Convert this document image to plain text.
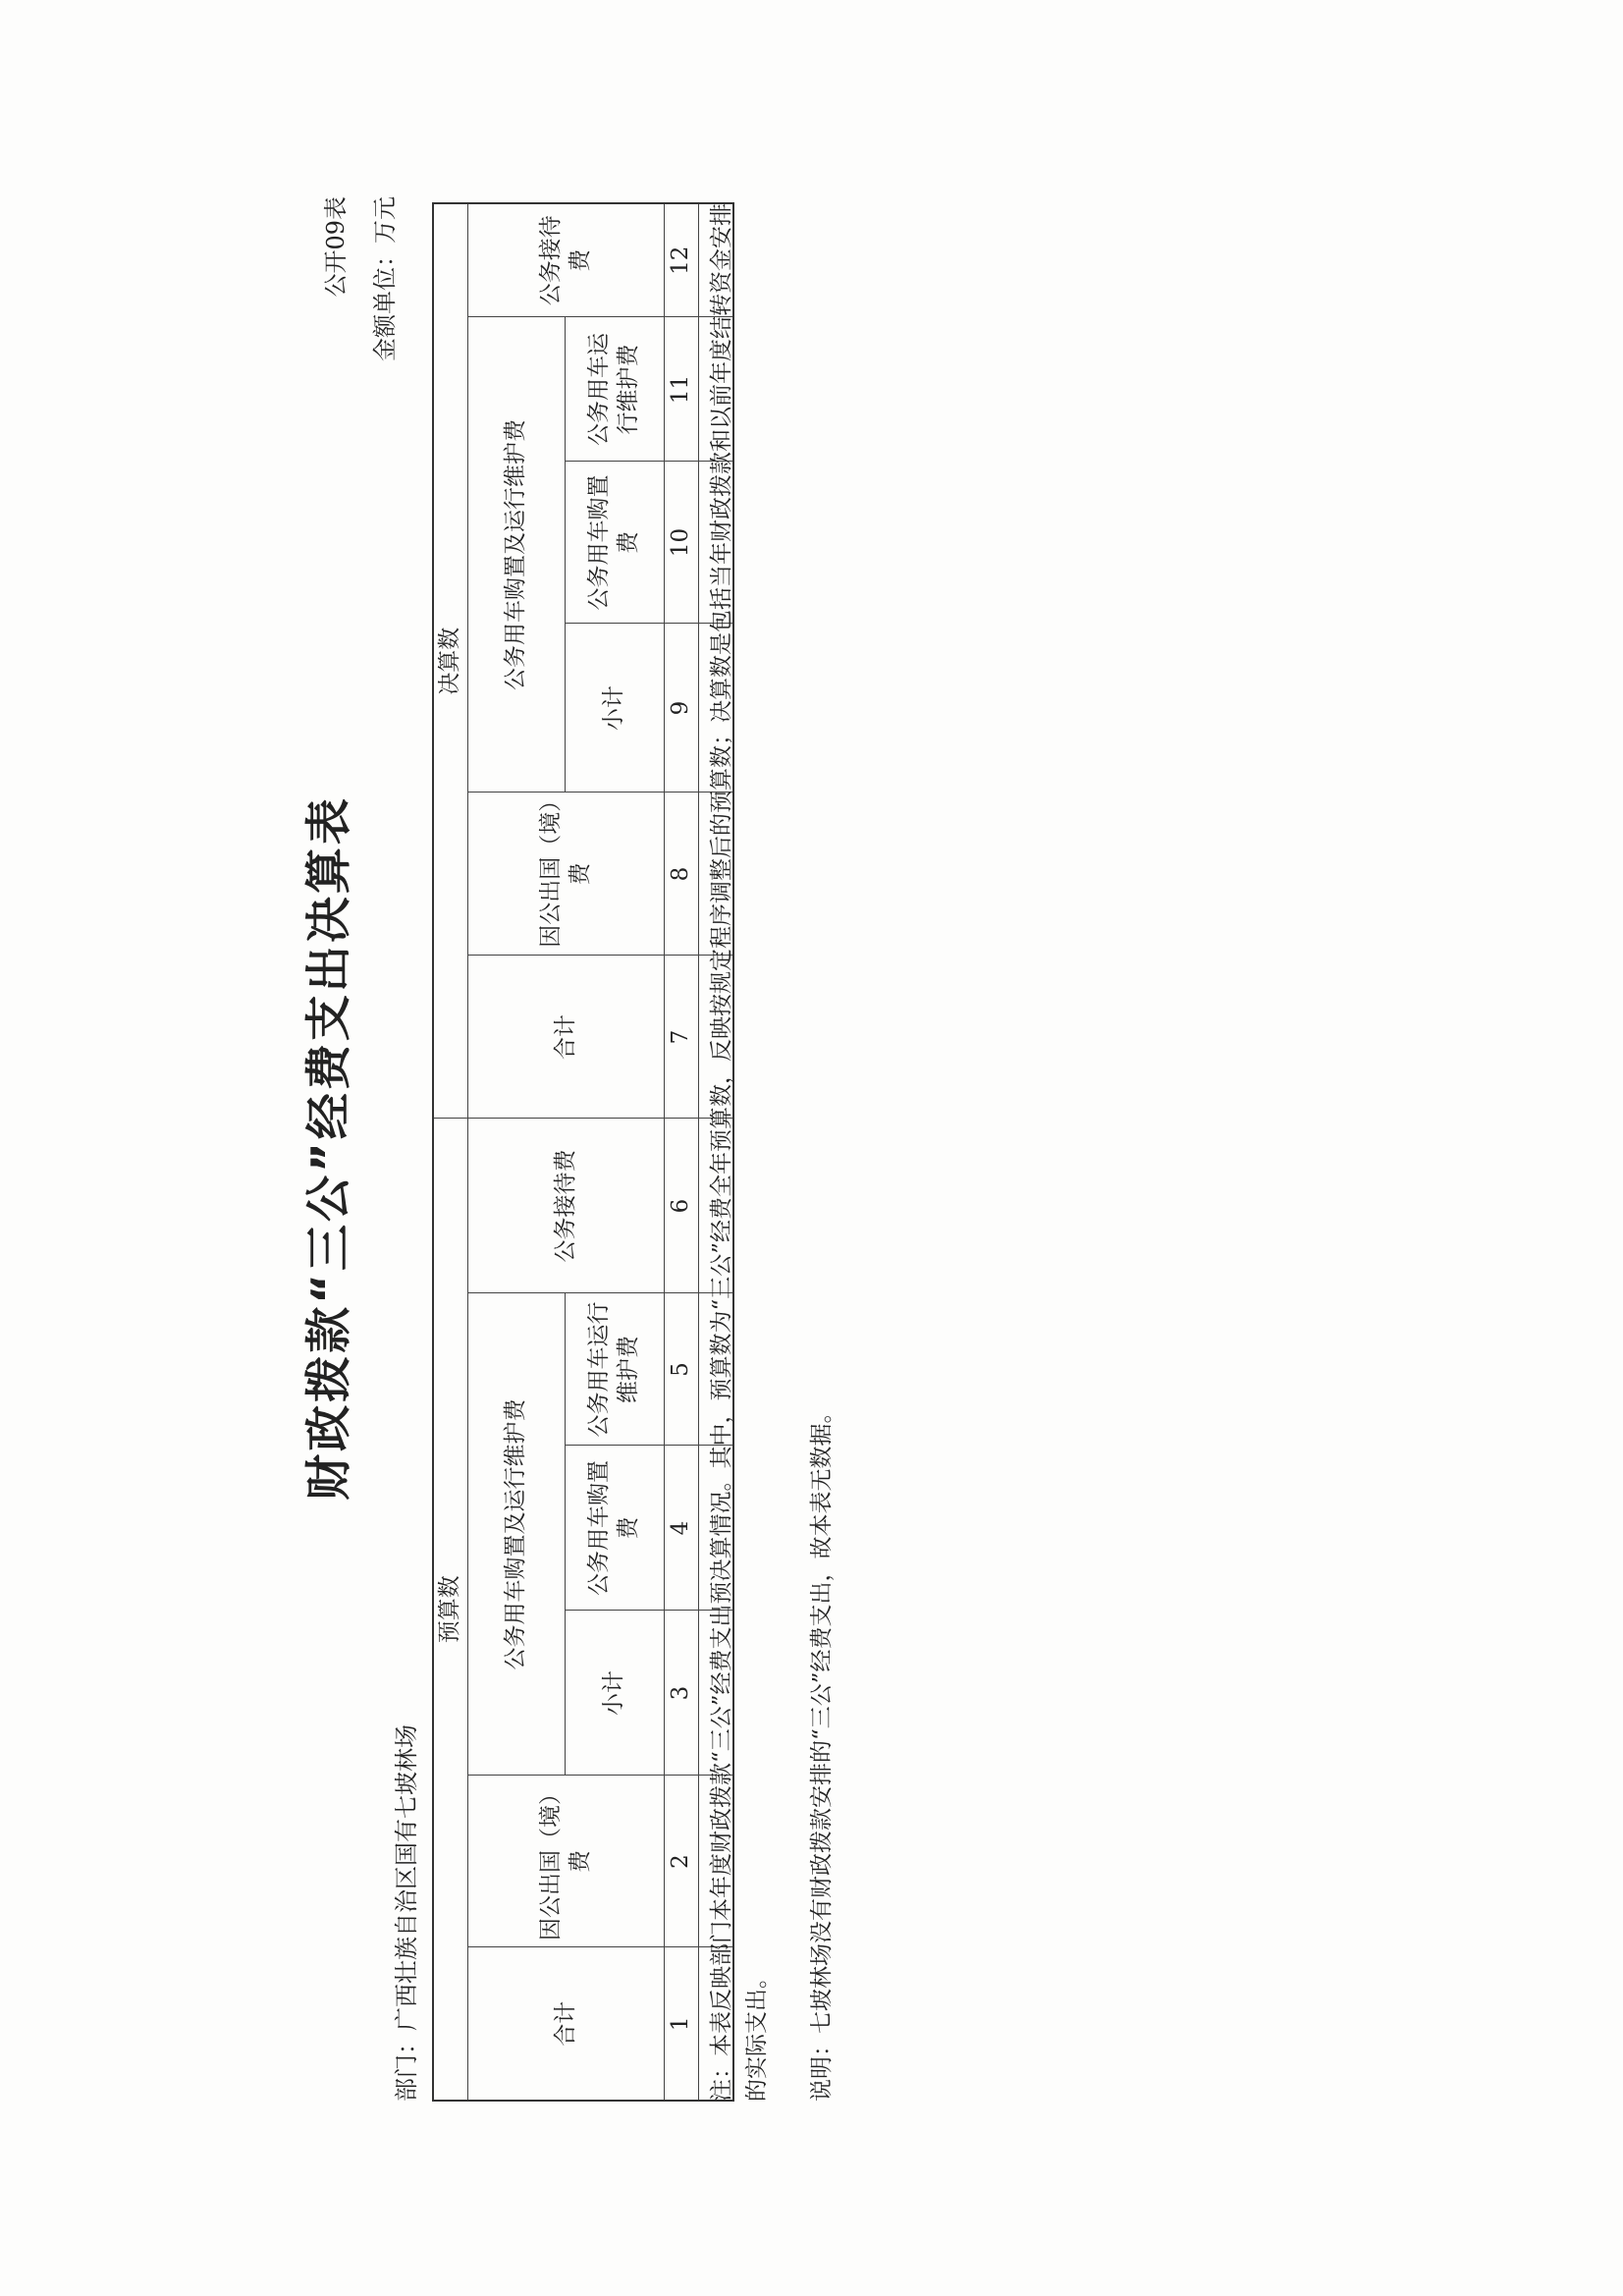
财政拨款“三公”经费支出决算表
公开09表 金额单位：万元
部门：广西壮族自治区国有七坡林场
预算数						决算数					
合计	因公出国（境）费	公务用车购置及运行维护费			公务接待费	合计	因公出国（境）费	公务用车购置及运行维护费			公务接待费
		小计	公务用车购置费	公务用车运行维护费				小计	公务用车购置费	公务用车运行维护费	
1	2	3	4	5	6	7	8	9	10	11	12
											注：本表反映部门本年度财政拨款“三公”经费支出预决算情况。其中，预算数为“三公”经费全年预算数，反映按规定程序调整后的预算数；决算数是包括当年财政拨款和以前年度结转资金安排的实际支出。 说明：七坡林场没有财政拨款安排的“三公”经费支出，故本表无数据。
